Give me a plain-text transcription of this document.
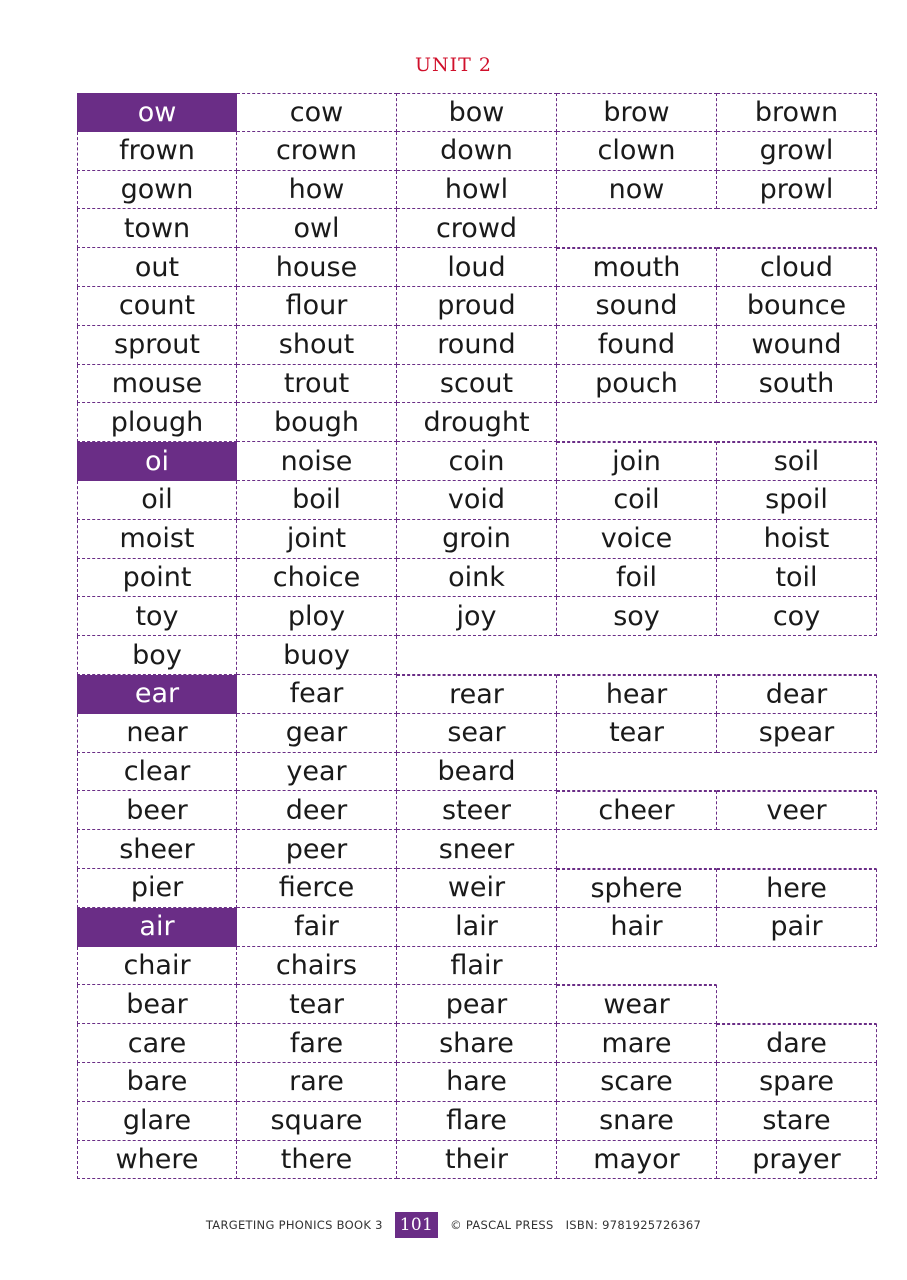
UNIT 2
ow	cow	bow	brow	brown
frown	crown	down	clown	growl
gown	how	howl	now	prowl
town	owl	crowd
out	house	loud	mouth	cloud
count	flour	proud	sound	bounce
sprout	shout	round	found	wound
mouse	trout	scout	pouch	south
plough	bough	drought
oi	noise	coin	join	soil
oil	boil	void	coil	spoil
moist	joint	groin	voice	hoist
point	choice	oink	foil	toil
toy	ploy	joy	soy	coy
boy	buoy
ear	fear	rear	hear	dear
near	gear	sear	tear	spear
clear	year	beard
beer	deer	steer	cheer	veer
sheer	peer	sneer
pier	fierce	weir	sphere	here
air	fair	lair	hair	pair
chair	chairs	flair
bear	tear	pear	wear
care	fare	share	mare	dare
bare	rare	hare	scare	spare
glare	square	flare	snare	stare
where	there	their	mayor	prayer
TARGETING PHONICS BOOK 3 101	© PASCAL PRESS ISBN: 9781925726367
